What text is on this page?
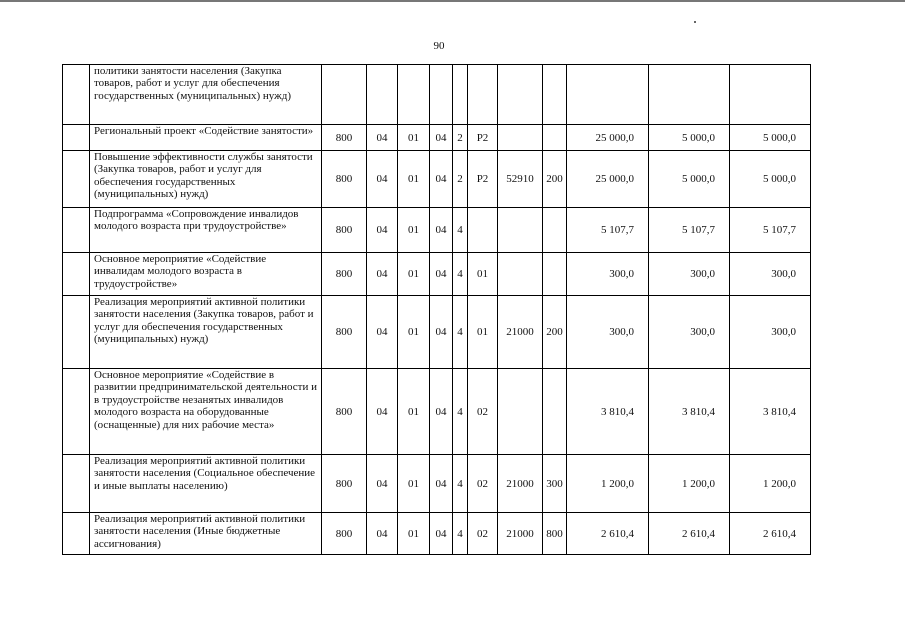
90
	политики занятости населения (Закупка товаров, работ и услуг для обеспечения государственных (муниципальных) нужд)											
	Региональный проект «Содействие занятости»	800	04	01	04	2	P2			25 000,0	5 000,0	5 000,0
	Повышение эффективности службы занятости (Закупка товаров, работ и услуг для обеспечения государственных (муниципальных) нужд)	800	04	01	04	2	P2	52910	200	25 000,0	5 000,0	5 000,0
	Подпрограмма «Сопровождение инвалидов молодого возраста при трудоустройстве»	800	04	01	04	4				5 107,7	5 107,7	5 107,7
	Основное мероприятие «Содействие инвалидам молодого возраста в трудоустройстве»	800	04	01	04	4	01			300,0	300,0	300,0
	Реализация мероприятий активной политики занятости населения (Закупка товаров, работ и услуг для обеспечения государственных (муниципальных) нужд)	800	04	01	04	4	01	21000	200	300,0	300,0	300,0
	Основное мероприятие «Содействие в развитии предпринимательской деятельности и в трудоустройстве незанятых инвалидов молодого возраста на оборудованные (оснащенные) для них рабочие места»	800	04	01	04	4	02			3 810,4	3 810,4	3 810,4
	Реализация мероприятий активной политики занятости населения (Социальное обеспечение и иные выплаты населению)	800	04	01	04	4	02	21000	300	1 200,0	1 200,0	1 200,0
	Реализация мероприятий активной политики занятости населения (Иные бюджетные ассигнования)	800	04	01	04	4	02	21000	800	2 610,4	2 610,4	2 610,4
